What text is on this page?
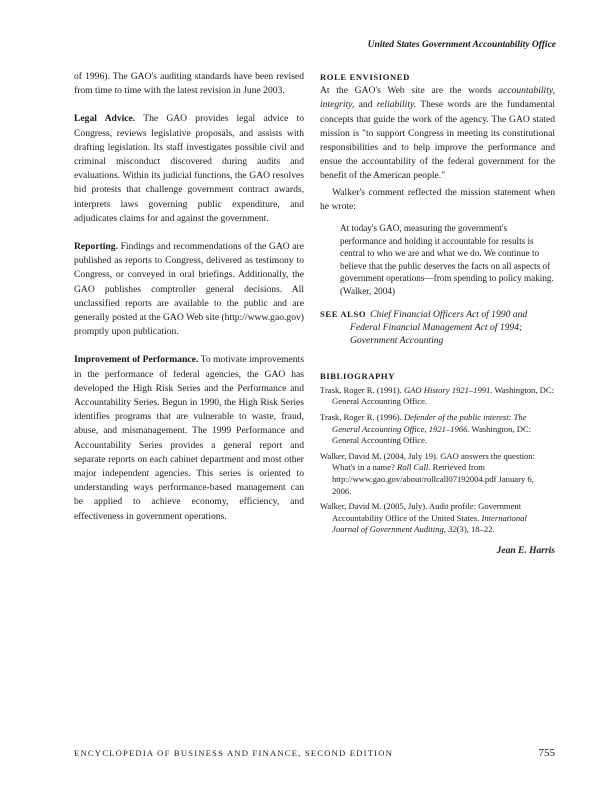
United States Government Accountability Office

of 1996). The GAO's auditing standards have been revised from time to time with the latest revision in June 2003.

Legal Advice. The GAO provides legal advice to Congress, reviews legislative proposals, and assists with drafting legislation. Its staff investigates possible civil and criminal misconduct discovered during audits and evaluations. Within its judicial functions, the GAO resolves bid protests that challenge government contract awards, interprets laws governing public expenditure, and adjudicates claims for and against the government.

Reporting. Findings and recommendations of the GAO are published as reports to Congress, delivered as testimony to Congress, or conveyed in oral briefings. Additionally, the GAO publishes comptroller general decisions. All unclassified reports are available to the public and are generally posted at the GAO Web site (http://www.gao.gov) promptly upon publication.

Improvement of Performance. To motivate improvements in the performance of federal agencies, the GAO has developed the High Risk Series and the Performance and Accountability Series. Begun in 1990, the High Risk Series identifies programs that are vulnerable to waste, fraud, abuse, and mismanagement. The 1999 Performance and Accountability Series provides a general report and separate reports on each cabinet department and most other major independent agencies. This series is oriented to understanding ways performance-based management can be applied to achieve economy, efficiency, and effectiveness in government operations.

ROLE ENVISIONED

At the GAO's Web site are the words accountability, integrity, and reliability. These words are the fundamental concepts that guide the work of the agency. The GAO stated mission is "to support Congress in meeting its constitutional responsibilities and to help improve the performance and ensue the accountability of the federal government for the benefit of the American people."

Walker's comment reflected the mission statement when he wrote:

At today's GAO, measuring the government's performance and holding it accountable for results is central to who we are and what we do. We continue to believe that the public deserves the facts on all aspects of government operations—from spending to policy making. (Walker, 2004)
SEE ALSO Chief Financial Officers Act of 1990 and Federal Financial Management Act of 1994; Government Accounting
BIBLIOGRAPHY
Trask, Roger R. (1991). GAO History 1921–1991. Washington, DC: General Accounting Office.
Trask, Roger R. (1996). Defender of the public interest: The General Accounting Office, 1921–1966. Washington, DC: General Accounting Office.
Walker, David M. (2004, July 19). GAO answers the question: What's in a name? Roll Call. Retrieved from http://www.gao.gov/about/rollcall07192004.pdf January 6, 2006.
Walker, David M. (2005, July). Audit profile: Government Accountability Office of the United States. International Journal of Government Auditing, 32(3), 18–22.
Jean E. Harris
ENCYCLOPEDIA OF BUSINESS AND FINANCE, SECOND EDITION	755
